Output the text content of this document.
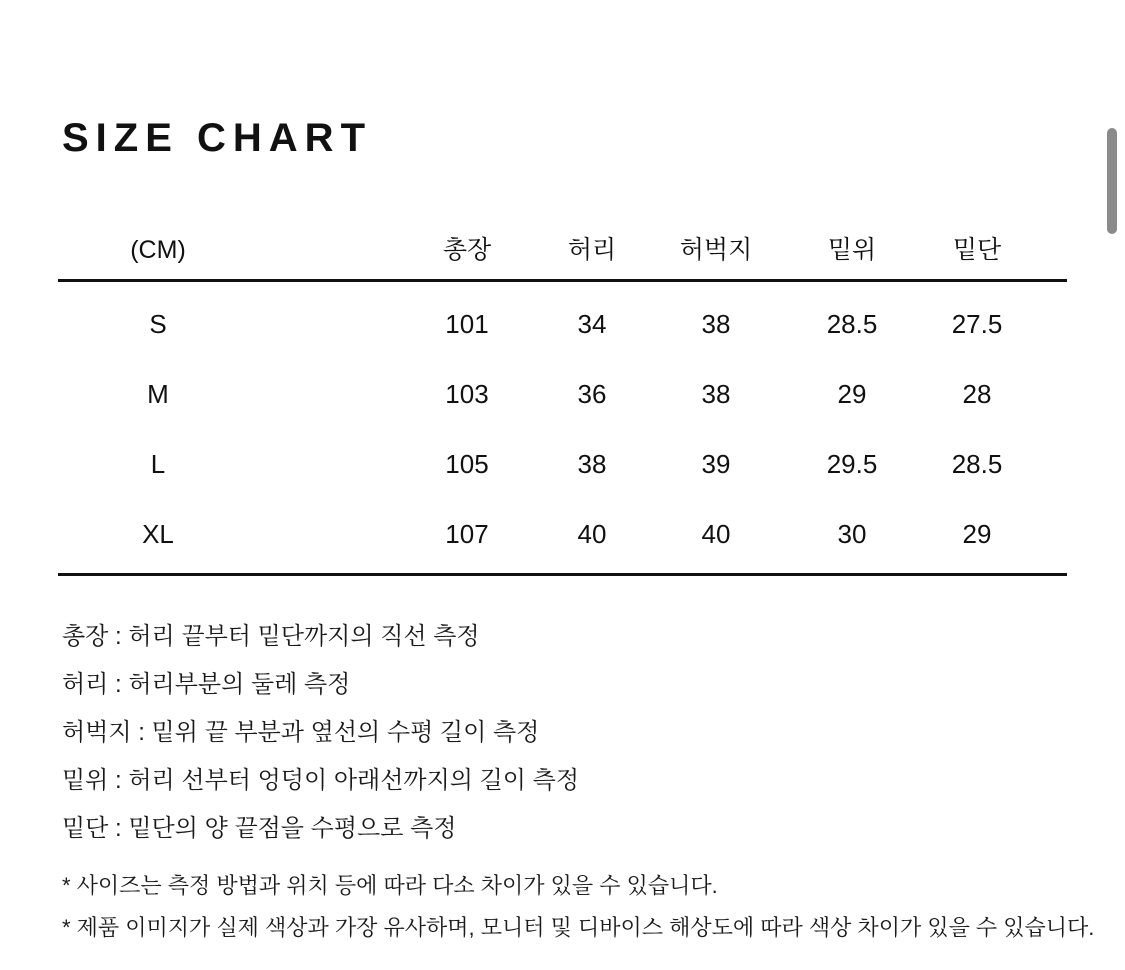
SIZE CHART
(CM)	총장	허리	허벅지	밑위	밑단
S	101	34	38	28.5	27.5
M	103	36	38	29	28
L	105	38	39	29.5	28.5
XL	107	40	40	30	29
총장 : 허리 끝부터 밑단까지의 직선 측정
허리 : 허리부분의 둘레 측정
허벅지 : 밑위 끝 부분과 옆선의 수평 길이 측정
밑위 : 허리 선부터 엉덩이 아래선까지의 길이 측정
밑단 : 밑단의 양 끝점을 수평으로 측정
* 사이즈는 측정 방법과 위치 등에 따라 다소 차이가 있을 수 있습니다.
* 제품 이미지가 실제 색상과 가장 유사하며, 모니터 및 디바이스 해상도에 따라 색상 차이가 있을 수 있습니다.
